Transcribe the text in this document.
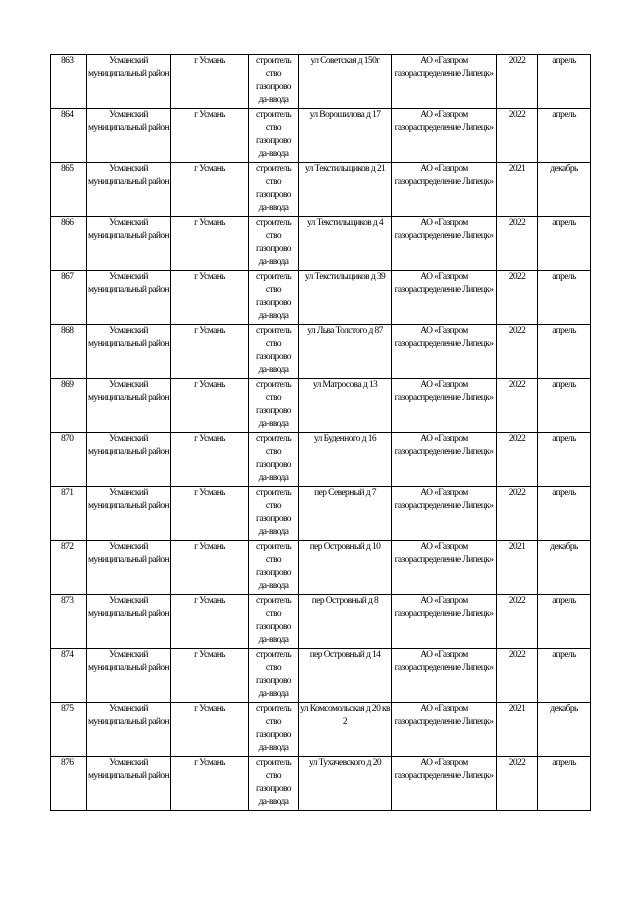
863	Усманский муниципальный район	г Усмань	строитель ство газопрово да-ввода	ул Советская д 150г	АО «Газпром газораспределение Липецк»	2022	апрель
864	Усманский муниципальный район	г Усмань	строитель ство газопрово да-ввода	ул Ворошилова д 17	АО «Газпром газораспределение Липецк»	2022	апрель
865	Усманский муниципальный район	г Усмань	строитель ство газопрово да-ввода	ул Текстильщиков д 21	АО «Газпром газораспределение Липецк»	2021	декабрь
866	Усманский муниципальный район	г Усмань	строитель ство газопрово да-ввода	ул Текстильщиков д 4	АО «Газпром газораспределение Липецк»	2022	апрель
867	Усманский муниципальный район	г Усмань	строитель ство газопрово да-ввода	ул Текстильщиков д 39	АО «Газпром газораспределение Липецк»	2022	апрель
868	Усманский муниципальный район	г Усмань	строитель ство газопрово да-ввода	ул Льва Толстого д 87	АО «Газпром газораспределение Липецк»	2022	апрель
869	Усманский муниципальный район	г Усмань	строитель ство газопрово да-ввода	ул Матросова д 13	АО «Газпром газораспределение Липецк»	2022	апрель
870	Усманский муниципальный район	г Усмань	строитель ство газопрово да-ввода	ул Буденного д 16	АО «Газпром газораспределение Липецк»	2022	апрель
871	Усманский муниципальный район	г Усмань	строитель ство газопрово да-ввода	пер Северный д 7	АО «Газпром газораспределение Липецк»	2022	апрель
872	Усманский муниципальный район	г Усмань	строитель ство газопрово да-ввода	пер Островный д 10	АО «Газпром газораспределение Липецк»	2021	декабрь
873	Усманский муниципальный район	г Усмань	строитель ство газопрово да-ввода	пер Островный д 8	АО «Газпром газораспределение Липецк»	2022	апрель
874	Усманский муниципальный район	г Усмань	строитель ство газопрово да-ввода	пер Островный д 14	АО «Газпром газораспределение Липецк»	2022	апрель
875	Усманский муниципальный район	г Усмань	строитель ство газопрово да-ввода	ул Комсомольская д 20 кв 2	АО «Газпром газораспределение Липецк»	2021	декабрь
876	Усманский муниципальный район	г Усмань	строитель ство газопрово да-ввода	ул Тухачевского д 20	АО «Газпром газораспределение Липецк»	2022	апрель
